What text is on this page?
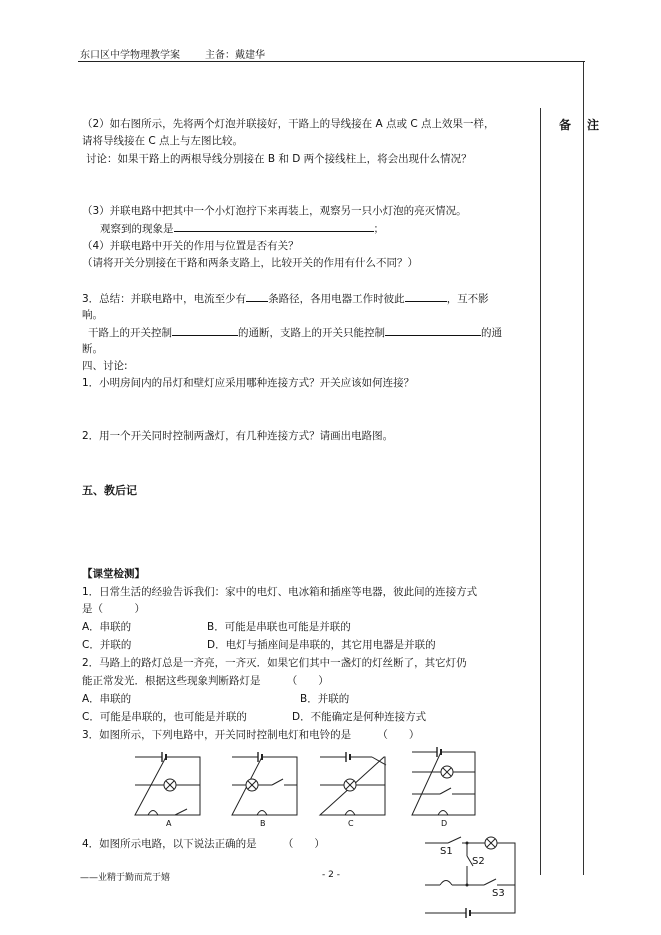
东口区中学物理教学案	主备：戴建华
备　注
（2）如右图所示，先将两个灯泡并联接好，干路上的导线接在 A 点或 C 点上效果一样，
请将导线接在 C 点上与左图比较。
讨论：如果干路上的两根导线分别接在 B 和 D 两个接线柱上，将会出现什么情况？
（3）并联电路中把其中一个小灯泡拧下来再装上，观察另一只小灯泡的亮灭情况。
观察到的现象是	；
（4）并联电路中开关的作用与位置是否有关？
（请将开关分别接在干路和两条支路上，比较开关的作用有什么不同？）
3．总结：并联电路中，电流至少有 条路径，各用电器工作时彼此	，互不影
响。
干路上的开关控制	的通断，支路上的开关只能控制	的通
断。
四、讨论:
1．小明房间内的吊灯和壁灯应采用哪种连接方式？开关应该如何连接？
2．用一个开关同时控制两盏灯，有几种连接方式？请画出电路图。
五、教后记
【课堂检测】
1．日常生活的经验告诉我们：家中的电灯、电冰箱和插座等电器，彼此间的连接方式
是（　　　）
A．串联的	B．可能是串联也可能是并联的
C．并联的	D．电灯与插座间是串联的，其它用电器是并联的
2．马路上的路灯总是一齐亮，一齐灭．如果它们其中一盏灯的灯丝断了，其它灯仍
能正常发光．根据这些现象判断路灯是　　　（　　）
A．串联的	B．并联的
C．可能是串联的，也可能是并联的	D．不能确定是何种连接方式
3．如图所示，下列电路中，开关同时控制电灯和电铃的是　　　（　　）
A	B	C	D
4．如图所示电路，以下说法正确的是　　　（　　）
S1
S2
S3
——业精于勤而荒于嬉	- 2 -
